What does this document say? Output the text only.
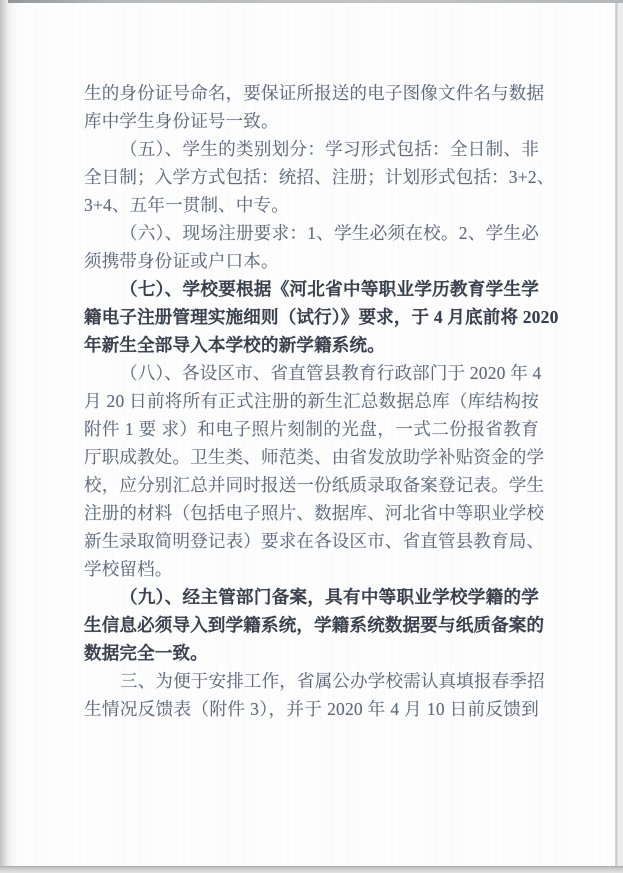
生的身份证号命名，要保证所报送的电子图像文件名与数据
库中学生身份证号一致。
（五）、学生的类别划分：学习形式包括：全日制、非
全日制；入学方式包括：统招、注册；计划形式包括：3+2、
3+4、五年一贯制、中专。
（六）、现场注册要求：1、学生必须在校。2、学生必
须携带身份证或户口本。
（七）、学校要根据《河北省中等职业学历教育学生学
籍电子注册管理实施细则（试行）》要求，于 4 月底前将 2020
年新生全部导入本学校的新学籍系统。
（八）、各设区市、省直管县教育行政部门于 2020 年 4
月 20 日前将所有正式注册的新生汇总数据总库（库结构按
附件 1 要 求）和电子照片刻制的光盘，一式二份报省教育
厅职成教处。卫生类、师范类、由省发放助学补贴资金的学
校，应分别汇总并同时报送一份纸质录取备案登记表。学生
注册的材料（包括电子照片、数据库、河北省中等职业学校
新生录取简明登记表）要求在各设区市、省直管县教育局、
学校留档。
（九）、经主管部门备案，具有中等职业学校学籍的学
生信息必须导入到学籍系统，学籍系统数据要与纸质备案的
数据完全一致。
三、为便于安排工作，省属公办学校需认真填报春季招
生情况反馈表（附件 3），并于 2020 年 4 月 10 日前反馈到
